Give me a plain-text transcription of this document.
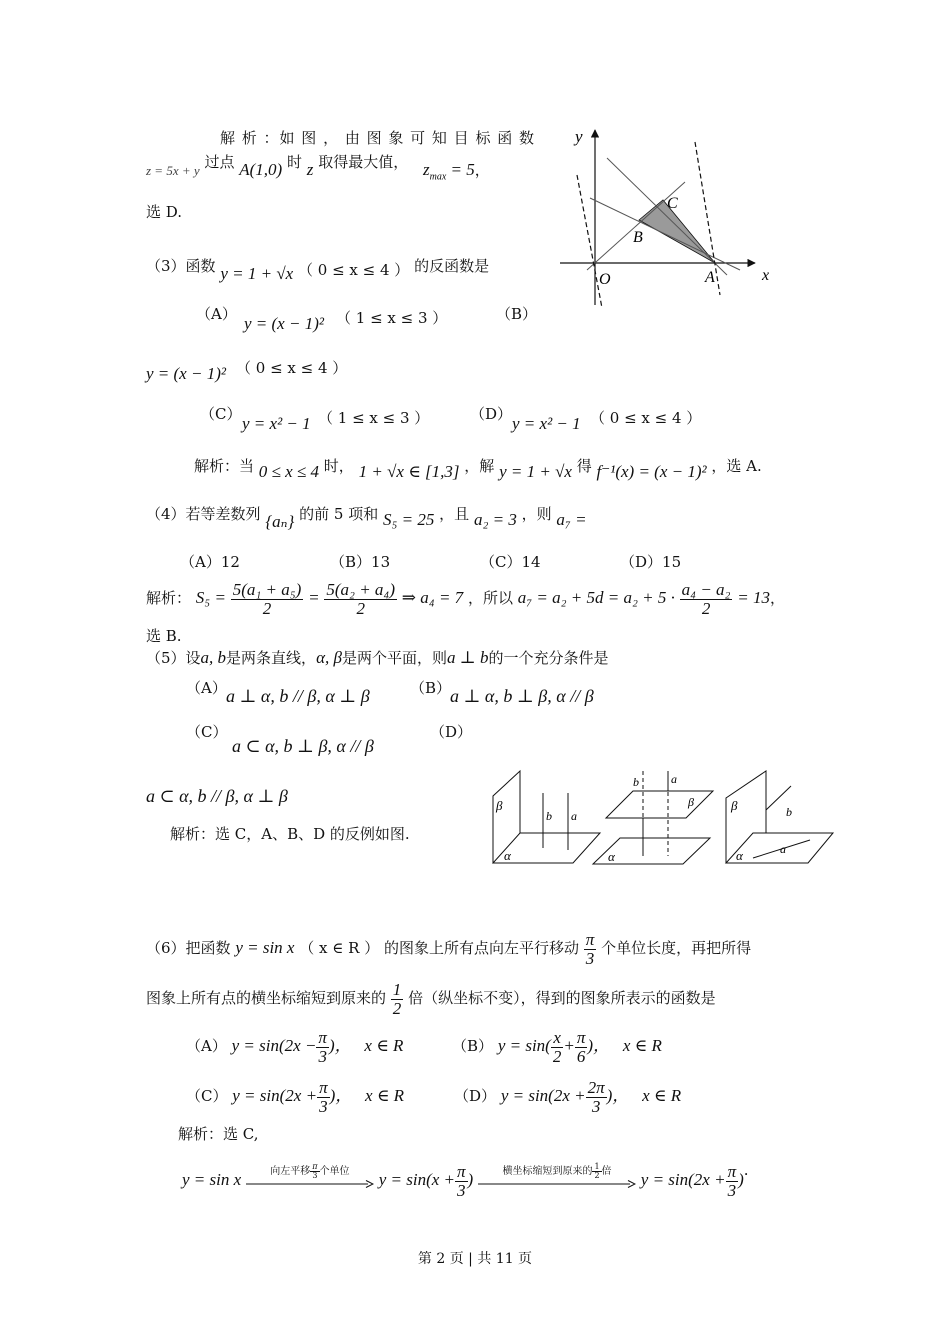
解 析 ：如 图 ， 由 图 象 可 知 目 标 函 数
z = 5x + y 过点 A(1,0) 时 z 取得最大值， $z_{max} = 5$，
选 D.
y
x
C
B
O	A
（3）函数 y = 1 + √x （ 0 ≤ x ≤ 4 ） 的反函数是
（A） y = (x − 1)² （ 1 ≤ x ≤ 3 ）	（B）
y = (x − 1)² （ 0 ≤ x ≤ 4 ）
（C） y = x² − 1 （ 1 ≤ x ≤ 3 ）	（D） y = x² − 1 （ 0 ≤ x ≤ 4 ）
解析：当 0 ≤ x ≤ 4 时， 1 + √x ∈ [1,3] ，解 y = 1 + √x 得 f⁻¹(x) = (x − 1)² ，选 A.
（4）若等差数列 {aₙ} 的前 5 项和 S₅ = 25 ，且 a₂ = 3 ，则 a₇ =
（A）12	（B）13	（C）14	（D）15
解析： $S_5 = \frac{\text{5(a₁ + a₅)}}{2} = \frac{\text{5(a₂ + a₄)}}{2}$ ⇒ a₄ = 7 ，所以 $a_7 = a_2 + 5d = a_2 + 5 \cdot \frac{\text{a₄ − a₂}}{2} = 13$，
选 B.
（5）设a, b是两条直线，α, β是两个平面，则a ⊥ b的一个充分条件是
（A） a ⊥ α, b // β, α ⊥ β	（B）
a ⊥ α, b ⊥ β, α // β
（C）
a ⊂ α, b ⊥ β, α // β
（D）
a ⊂ α, b // β, α ⊥ β
解析：选 C，A、B、D 的反例如图.
β
α
b a
b	a
β
α
β	b
a
α
（6）把函数 y = sin x （ x ∈ R ） 的图象上所有点向左平行移动 $\frac{\pi}{3}$ 个单位长度，再把所得
图象上所有点的横坐标缩短到原来的 $\frac{1}{2}$ 倍（纵坐标不变），得到的图象所表示的函数是
（A） $y = \sin(2x - \frac{\pi}{3}$ )， x ∈ R	（B） $y = \sin( \frac{x}{2} + \frac{\pi}{6}$ )， x ∈ R
（C） $y = \sin(2x + \frac{\pi}{3}$ )， x ∈ R	（D） $y = \sin(2x + \frac{2\pi}{3}$ )， x ∈ R
解析：选 C,
y = sin x	向左平移 $\frac{\pi}{3}$ 个单位	$y = \sin(x + \frac{\pi}{3}$ )	横坐标缩短到原来的 $\frac{1}{2}$ 倍	$y = \sin(2x + \frac{\pi}{3}$ ).
第 2 页 | 共 11 页
